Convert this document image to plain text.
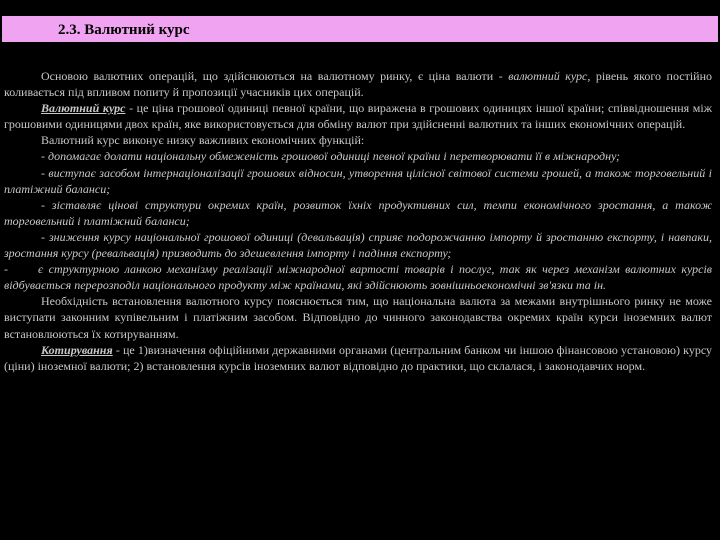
2.3. Валютний курс

Основою валютних операцій, що здійснюються на валютному ринку, є ціна валюти - валютний курс, рівень якого постійно коливається під впливом попиту й пропозиції учасників цих операцій.

Валютний курс - це ціна грошової одиниці певної країни, що виражена в грошових одиницях іншої країни; співвідношення між грошовими одиницями двох країн, яке використовується для обміну валют при здійсненні валютних та інших економічних операцій.

Валютний курс виконує низку важливих економічних функцій:

- допомагає долати національну обмеженість грошової одиниці певної країни і перетворювати її в міжнародну;

- виступає засобом інтернаціоналізації грошових відносин, утворення цілісної світової системи грошей, а також торговельний і платіжний баланси;

- зіставляє цінові структури окремих країн, розвиток їхніх продуктивних сил, темпи економічного зростання, а також торговельний і платіжний баланси;

- зниження курсу національної грошової одиниці (девальвація) сприяє подорожчанню імпорту й зростанню експорту, і навпаки, зростання курсу (ревальвація) призводить до здешевлення імпорту і падіння експорту;

-	є структурною ланкою механізму реалізації міжнародної вартості товарів і послуг, так як через механізм валютних курсів відбувається перерозподіл національного продукту між країнами, які здійснюють зовнішньоекономічні зв'язки та ін.

Необхідність встановлення валютного курсу пояснюється тим, що національна валюта за межами внутрішнього ринку не може виступати законним купівельним і платіжним засобом. Відповідно до чинного законодавства окремих країн курси іноземних валют встановлюються їх котируванням.

Котирування - це 1)визначення офіційними державними органами (центральним банком чи іншою фінансовою установою) курсу (ціни) іноземної валюти; 2) встановлення курсів іноземних валют відповідно до практики, що склалася, і законодавчих норм.
